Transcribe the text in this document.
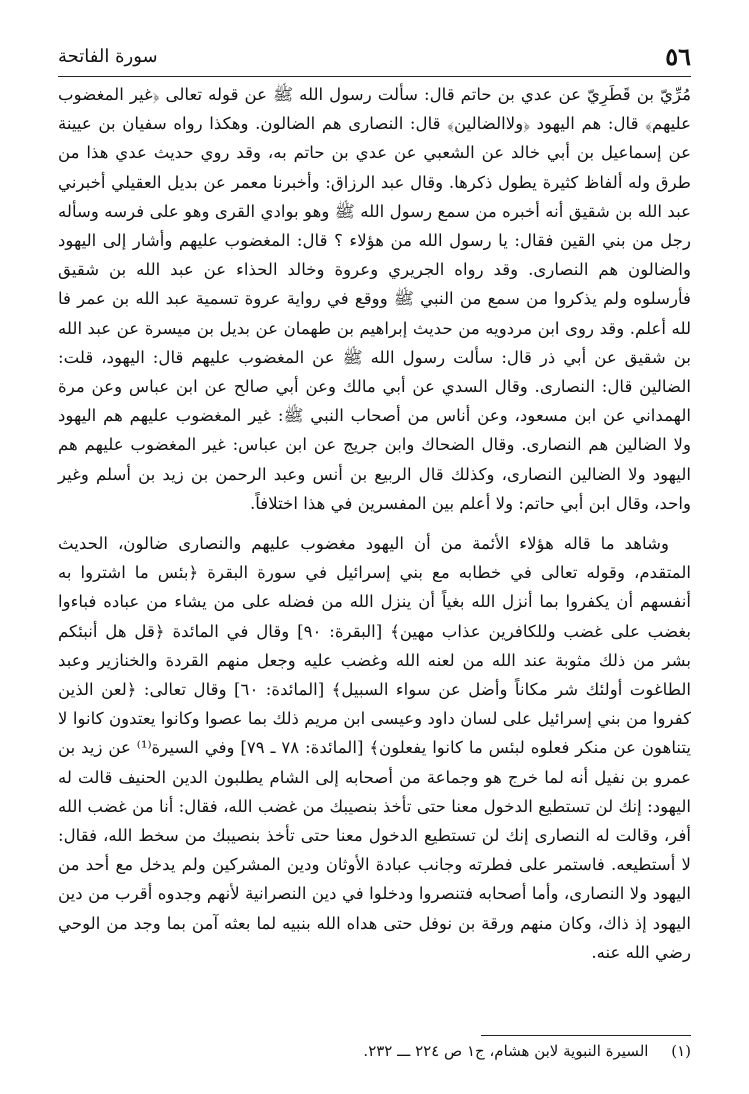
٥٦
سورة الفاتحة

مُرِّيّ بن قَطَرِيّ عن عدي بن حاتم قال: سألت رسول الله ﷺ عن قوله تعالى ﴿غير المغضوب عليهم﴾ قال: هم اليهود ﴿ولاالضالين﴾ قال: النصارى هم الضالون. وهكذا رواه سفيان بن عيينة عن إسماعيل بن أبي خالد عن الشعبي عن عدي بن حاتم به، وقد روي حديث عدي هذا من طرق وله ألفاظ كثيرة يطول ذكرها. وقال عبد الرزاق: وأخبرنا معمر عن بديل العقيلي أخبرني عبد الله بن شقيق أنه أخبره من سمع رسول الله ﷺ وهو بوادي القرى وهو على فرسه وسأله رجل من بني القين فقال: يا رسول الله من هؤلاء ؟ قال: المغضوب عليهم وأشار إلى اليهود والضالون هم النصارى. وقد رواه الجريري وعروة وخالد الحذاء عن عبد الله بن شقيق فأرسلوه ولم يذكروا من سمع من النبي ﷺ ووقع في رواية عروة تسمية عبد الله بن عمر فا لله أعلم. وقد روى ابن مردويه من حديث إبراهيم بن طهمان عن بديل بن ميسرة عن عبد الله بن شقيق عن أبي ذر قال: سألت رسول الله ﷺ عن المغضوب عليهم قال: اليهود، قلت: الضالين قال: النصارى. وقال السدي عن أبي مالك وعن أبي صالح عن ابن عباس وعن مرة الهمداني عن ابن مسعود، وعن أناس من أصحاب النبي ﷺ: غير المغضوب عليهم هم اليهود ولا الضالين هم النصارى. وقال الضحاك وابن جريج عن ابن عباس: غير المغضوب عليهم هم اليهود ولا الضالين النصارى، وكذلك قال الربيع بن أنس وعبد الرحمن بن زيد بن أسلم وغير واحد، وقال ابن أبي حاتم: ولا أعلم بين المفسرين في هذا اختلافاً.

وشاهد ما قاله هؤلاء الأئمة من أن اليهود مغضوب عليهم والنصارى ضالون، الحديث المتقدم، وقوله تعالى في خطابه مع بني إسرائيل في سورة البقرة ﴿بئس ما اشتروا به أنفسهم أن يكفروا بما أنزل الله بغياً أن ينزل الله من فضله على من يشاء من عباده فباءوا بغضب على غضب وللكافرين عذاب مهين﴾ [البقرة: ٩٠] وقال في المائدة ﴿قل هل أنبئكم بشر من ذلك مثوبة عند الله من لعنه الله وغضب عليه وجعل منهم القردة والخنازير وعبد الطاغوت أولئك شر مكاناً وأضل عن سواء السبيل﴾ [المائدة: ٦٠] وقال تعالى: ﴿لعن الذين كفروا من بني إسرائيل على لسان داود وعيسى ابن مريم ذلك بما عصوا وكانوا يعتدون كانوا لا يتناهون عن منكر فعلوه لبئس ما كانوا يفعلون﴾ [المائدة: ٧٨ ـ ٧٩] وفي السيرة⁽¹⁾ عن زيد بن عمرو بن نفيل أنه لما خرج هو وجماعة من أصحابه إلى الشام يطلبون الدين الحنيف قالت له اليهود: إنك لن تستطيع الدخول معنا حتى تأخذ بنصيبك من غضب الله، فقال: أنا من غضب الله أفر، وقالت له النصارى إنك لن تستطيع الدخول معنا حتى تأخذ بنصيبك من سخط الله، فقال: لا أستطيعه. فاستمر على فطرته وجانب عبادة الأوثان ودين المشركين ولم يدخل مع أحد من اليهود ولا النصارى، وأما أصحابه فتنصروا ودخلوا في دين النصرانية لأنهم وجدوه أقرب من دين اليهود إذ ذاك، وكان منهم ورقة بن نوفل حتى هداه الله بنبيه لما بعثه آمن بما وجد من الوحي رضي الله عنه.

(١) السيرة النبوية لابن هشام، ج١ ص ٢٢٤ ـــ ٢٣٢.
